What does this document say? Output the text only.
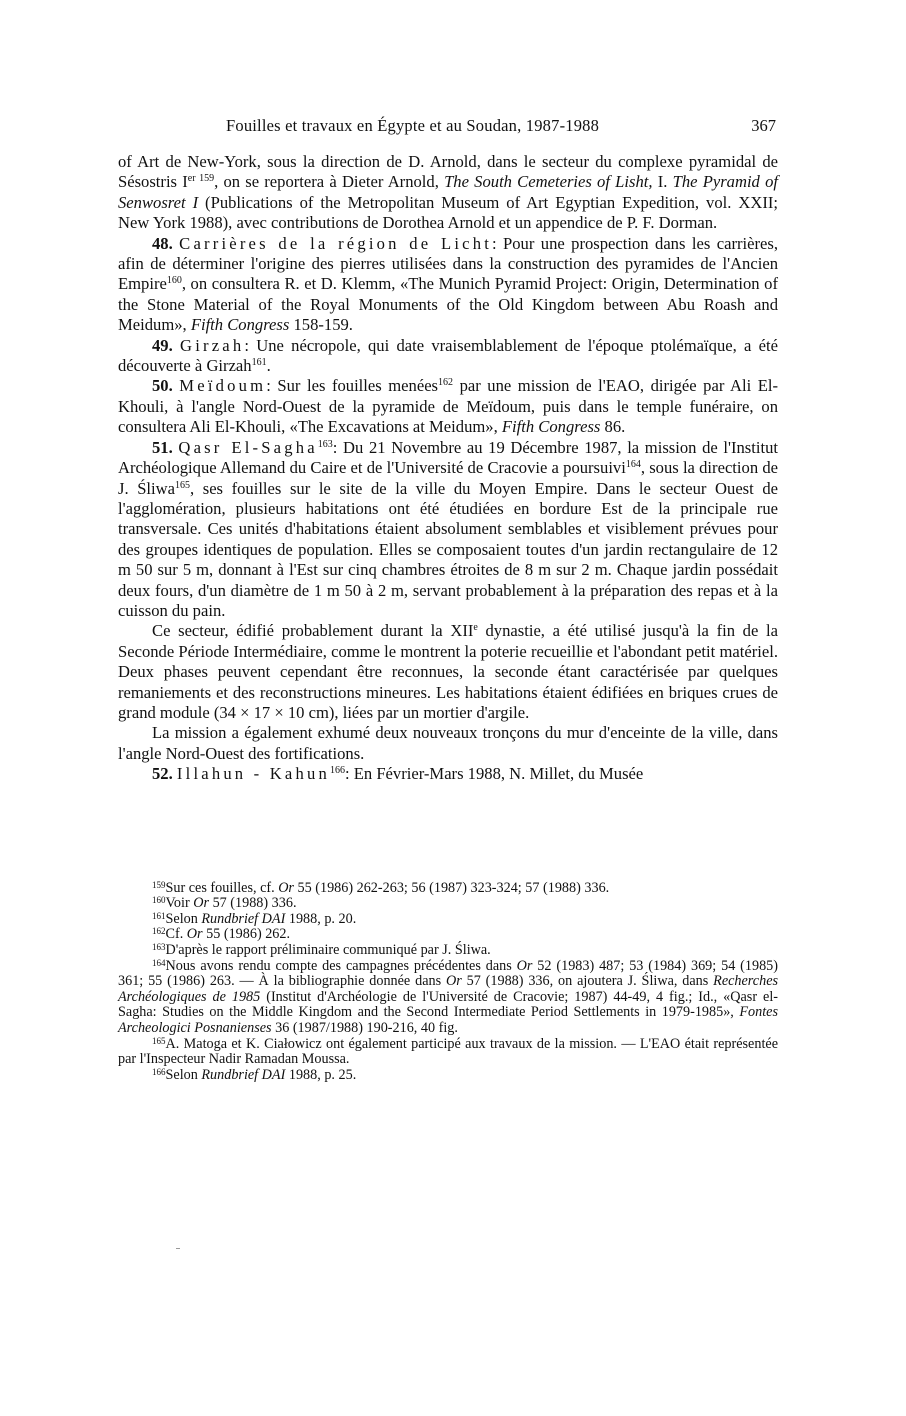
Fouilles et travaux en Égypte et au Soudan, 1987-1988	367

of Art de New-York, sous la direction de D. Arnold, dans le secteur du complexe pyramidal de Sésostris $I^{er 159}$, on se reportera à Dieter Arnold, The South Cemeteries of Lisht, I. The Pyramid of Senwosret I (Publications of the Metropolitan Museum of Art Egyptian Expedition, vol. XXII; New York 1988), avec contributions de Dorothea Arnold et un appendice de P. F. Dorman.

48. Carrières de la région de Licht: Pour une prospection dans les carrières, afin de déterminer l'origine des pierres utilisées dans la construction des pyramides de l'Ancien Empire$^{160}$, on consultera R. et D. Klemm, «The Munich Pyramid Project: Origin, Determination of the Stone Material of the Royal Monuments of the Old Kingdom between Abu Roash and Meidum», Fifth Congress 158-159.

49. Girzah: Une nécropole, qui date vraisemblablement de l'époque ptolémaïque, a été découverte à Girzah$^{161}$.

50. Meïdoum: Sur les fouilles menées$^{162}$ par une mission de l'EAO, dirigée par Ali El-Khouli, à l'angle Nord-Ouest de la pyramide de Meïdoum, puis dans le temple funéraire, on consultera Ali El-Khouli, «The Excavations at Meidum», Fifth Congress 86.

51. Qasr El-Sagha$^{163}$: Du 21 Novembre au 19 Décembre 1987, la mission de l'Institut Archéologique Allemand du Caire et de l'Université de Cracovie a poursuivi$^{164}$, sous la direction de J. Śliwa$^{165}$, ses fouilles sur le site de la ville du Moyen Empire. Dans le secteur Ouest de l'agglomération, plusieurs habitations ont été étudiées en bordure Est de la principale rue transversale. Ces unités d'habitations étaient absolument semblables et visiblement prévues pour des groupes identiques de population. Elles se composaient toutes d'un jardin rectangulaire de 12 m 50 sur 5 m, donnant à l'Est sur cinq chambres étroites de 8 m sur 2 m. Chaque jardin possédait deux fours, d'un diamètre de 1 m 50 à 2 m, servant probablement à la préparation des repas et à la cuisson du pain.

Ce secteur, édifié probablement durant la XIIe dynastie, a été utilisé jusqu'à la fin de la Seconde Période Intermédiaire, comme le montrent la poterie recueillie et l'abondant petit matériel. Deux phases peuvent cependant être reconnues, la seconde étant caractérisée par quelques remaniements et des reconstructions mineures. Les habitations étaient édifiées en briques crues de grand module (34 × 17 × 10 cm), liées par un mortier d'argile.

La mission a également exhumé deux nouveaux tronçons du mur d'enceinte de la ville, dans l'angle Nord-Ouest des fortifications.

52. Illahun - Kahun$^{166}$: En Février-Mars 1988, N. Millet, du Musée

$^{159}$Sur ces fouilles, cf. Or 55 (1986) 262-263; 56 (1987) 323-324; 57 (1988) 336.

$^{160}$Voir Or 57 (1988) 336.

$^{161}$Selon Rundbrief DAI 1988, p. 20.

$^{162}$Cf. Or 55 (1986) 262.

$^{163}$D'après le rapport préliminaire communiqué par J. Śliwa.

$^{164}$Nous avons rendu compte des campagnes précédentes dans Or 52 (1983) 487; 53 (1984) 369; 54 (1985) 361; 55 (1986) 263. — À la bibliographie donnée dans Or 57 (1988) 336, on ajoutera J. Śliwa, dans Recherches Archéologiques de 1985 (Institut d'Archéologie de l'Université de Cracovie; 1987) 44-49, 4 fig.; Id., «Qasr el-Sagha: Studies on the Middle Kingdom and the Second Intermediate Period Settlements in 1979-1985», Fontes Archeologici Posnanienses 36 (1987/1988) 190-216, 40 fig.

$^{165}$A. Matoga et K. Ciałowicz ont également participé aux travaux de la mission. — L'EAO était représentée par l'Inspecteur Nadir Ramadan Moussa.

$^{166}$Selon Rundbrief DAI 1988, p. 25.
